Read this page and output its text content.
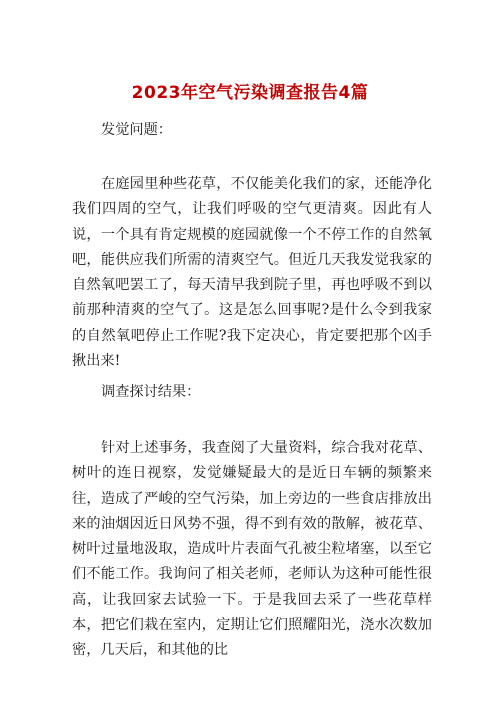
2023年空气污染调查报告4篇
发觉问题：

在庭园里种些花草，不仅能美化我们的家，还能净化我们四周的空气，让我们呼吸的空气更清爽。因此有人说，一个具有肯定规模的庭园就像一个不停工作的自然氧吧，能供应我们所需的清爽空气。但近几天我发觉我家的自然氧吧罢工了，每天清早我到院子里，再也呼吸不到以前那种清爽的空气了。这是怎么回事呢?是什么令到我家的自然氧吧停止工作呢?我下定决心，肯定要把那个凶手揪出来!

调查探讨结果：

针对上述事务，我查阅了大量资料，综合我对花草、树叶的连日视察，发觉嫌疑最大的是近日车辆的频繁来往，造成了严峻的空气污染，加上旁边的一些食店排放出来的油烟因近日风势不强，得不到有效的散解，被花草、树叶过量地汲取，造成叶片表面气孔被尘粒堵塞，以至它们不能工作。我询问了相关老师，老师认为这种可能性很高，让我回家去试验一下。于是我回去采了一些花草样本，把它们栽在室内，定期让它们照耀阳光，浇水次数加密，几天后，和其他的比
